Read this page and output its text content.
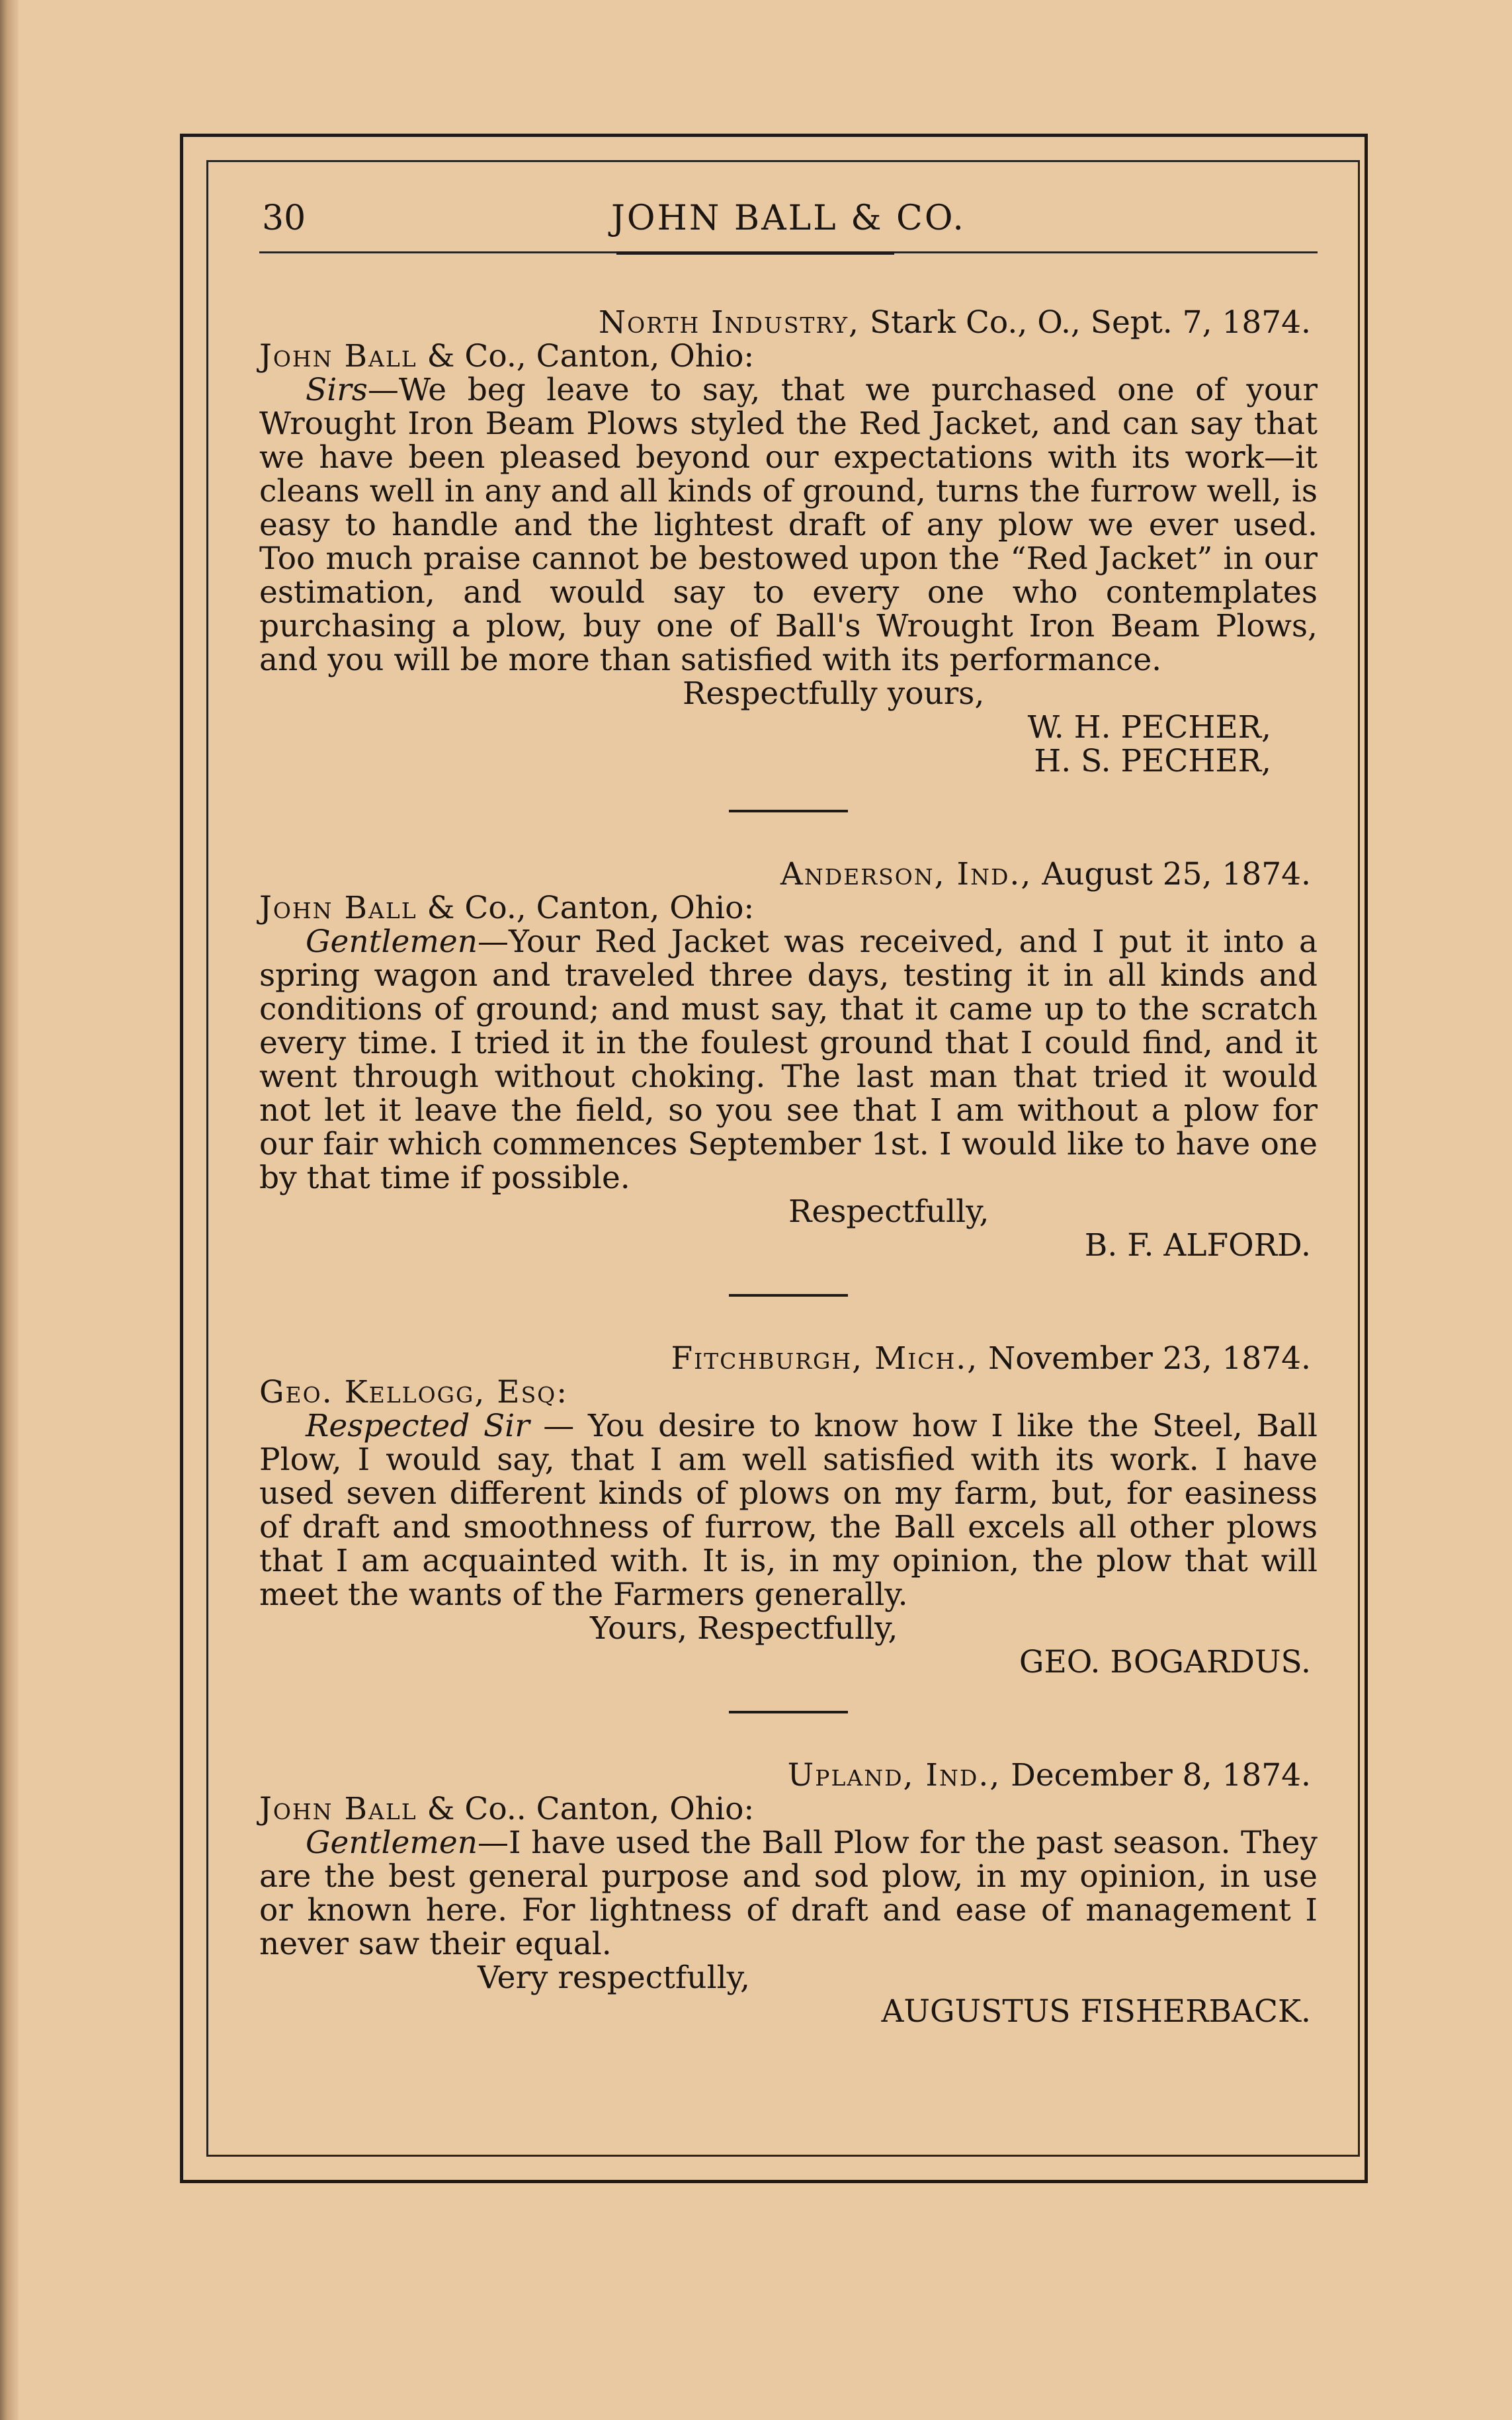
30	JOHN BALL & CO.
North Industry, Stark Co., O., Sept. 7, 1874.
John Ball & Co., Canton, Ohio:
Sirs—We beg leave to say, that we purchased one of your Wrought Iron Beam Plows styled the Red Jacket, and can say that we have been pleased beyond our expectations with its work—it cleans well in any and all kinds of ground, turns the furrow well, is easy to handle and the lightest draft of any plow we ever used. Too much praise cannot be bestowed upon the “Red Jacket” in our estimation, and would say to every one who contemplates purchasing a plow, buy one of Ball's Wrought Iron Beam Plows, and you will be more than satisfied with its performance.
Respectfully yours,
W. H. PECHER,
H. S. PECHER,
Anderson, Ind., August 25, 1874.
John Ball & Co., Canton, Ohio:
Gentlemen—Your Red Jacket was received, and I put it into a spring wagon and traveled three days, testing it in all kinds and conditions of ground; and must say, that it came up to the scratch every time. I tried it in the foulest ground that I could find, and it went through without choking. The last man that tried it would not let it leave the field, so you see that I am without a plow for our fair which commences September 1st. I would like to have one by that time if possible.
Respectfully,
B. F. ALFORD.
Fitchburgh, Mich., November 23, 1874.
Geo. Kellogg, Esq:
Respected Sir — You desire to know how I like the Steel, Ball Plow, I would say, that I am well satisfied with its work. I have used seven different kinds of plows on my farm, but, for easiness of draft and smoothness of furrow, the Ball excels all other plows that I am acquainted with. It is, in my opinion, the plow that will meet the wants of the Farmers generally.
Yours, Respectfully,
GEO. BOGARDUS.
Upland, Ind., December 8, 1874.
John Ball & Co.. Canton, Ohio:
Gentlemen—I have used the Ball Plow for the past season. They are the best general purpose and sod plow, in my opinion, in use or known here. For lightness of draft and ease of management I never saw their equal.
Very respectfully,
AUGUSTUS FISHERBACK.
